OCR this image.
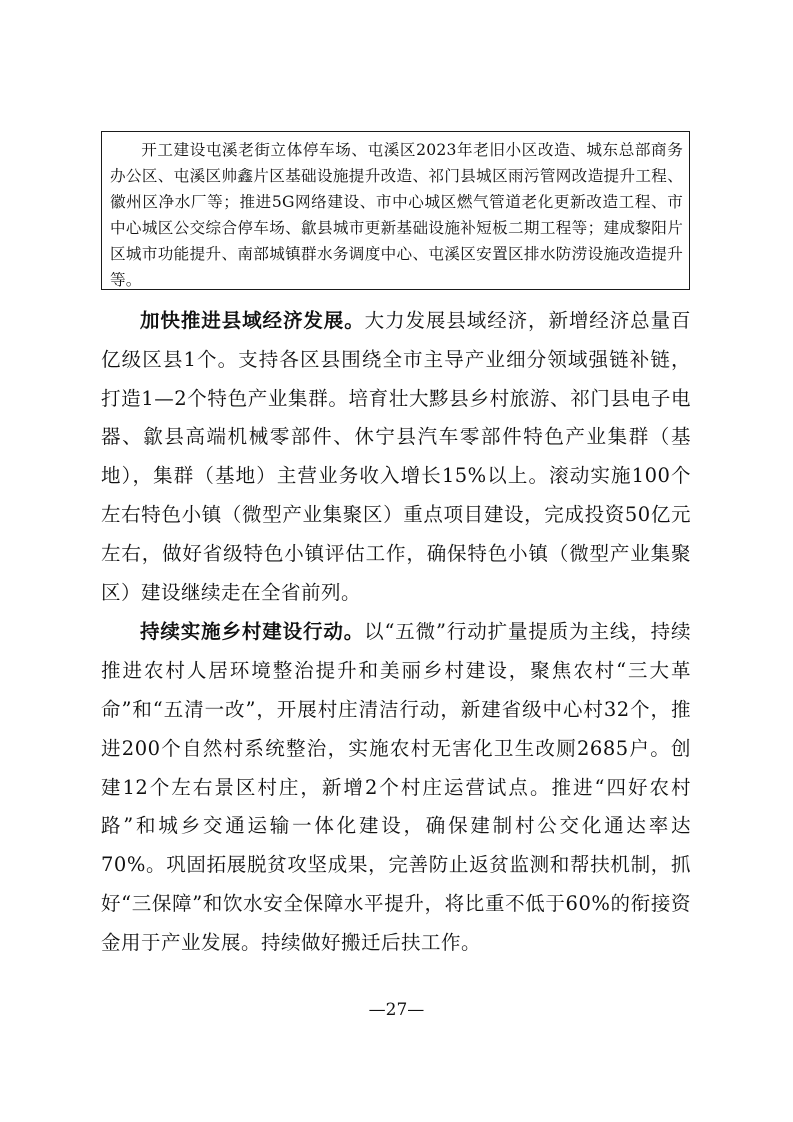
开工建设屯溪老街立体停车场、屯溪区2023年老旧小区改造、城东总部商务办公区、屯溪区帅鑫片区基础设施提升改造、祁门县城区雨污管网改造提升工程、徽州区净水厂等；推进5G网络建设、市中心城区燃气管道老化更新改造工程、市中心城区公交综合停车场、歙县城市更新基础设施补短板二期工程等；建成黎阳片区城市功能提升、南部城镇群水务调度中心、屯溪区安置区排水防涝设施改造提升等。

加快推进县域经济发展。大力发展县域经济，新增经济总量百亿级区县1个。支持各区县围绕全市主导产业细分领域强链补链，打造1—2个特色产业集群。培育壮大黟县乡村旅游、祁门县电子电器、歙县高端机械零部件、休宁县汽车零部件特色产业集群（基地），集群（基地）主营业务收入增长15%以上。滚动实施100个左右特色小镇（微型产业集聚区）重点项目建设，完成投资50亿元左右，做好省级特色小镇评估工作，确保特色小镇（微型产业集聚区）建设继续走在全省前列。

持续实施乡村建设行动。以“五微”行动扩量提质为主线，持续推进农村人居环境整治提升和美丽乡村建设，聚焦农村“三大革命”和“五清一改”，开展村庄清洁行动，新建省级中心村32个，推进200个自然村系统整治，实施农村无害化卫生改厕2685户。创建12个左右景区村庄，新增2个村庄运营试点。推进“四好农村路”和城乡交通运输一体化建设，确保建制村公交化通达率达70%。巩固拓展脱贫攻坚成果，完善防止返贫监测和帮扶机制，抓好“三保障”和饮水安全保障水平提升，将比重不低于60%的衔接资金用于产业发展。持续做好搬迁后扶工作。

—27—
